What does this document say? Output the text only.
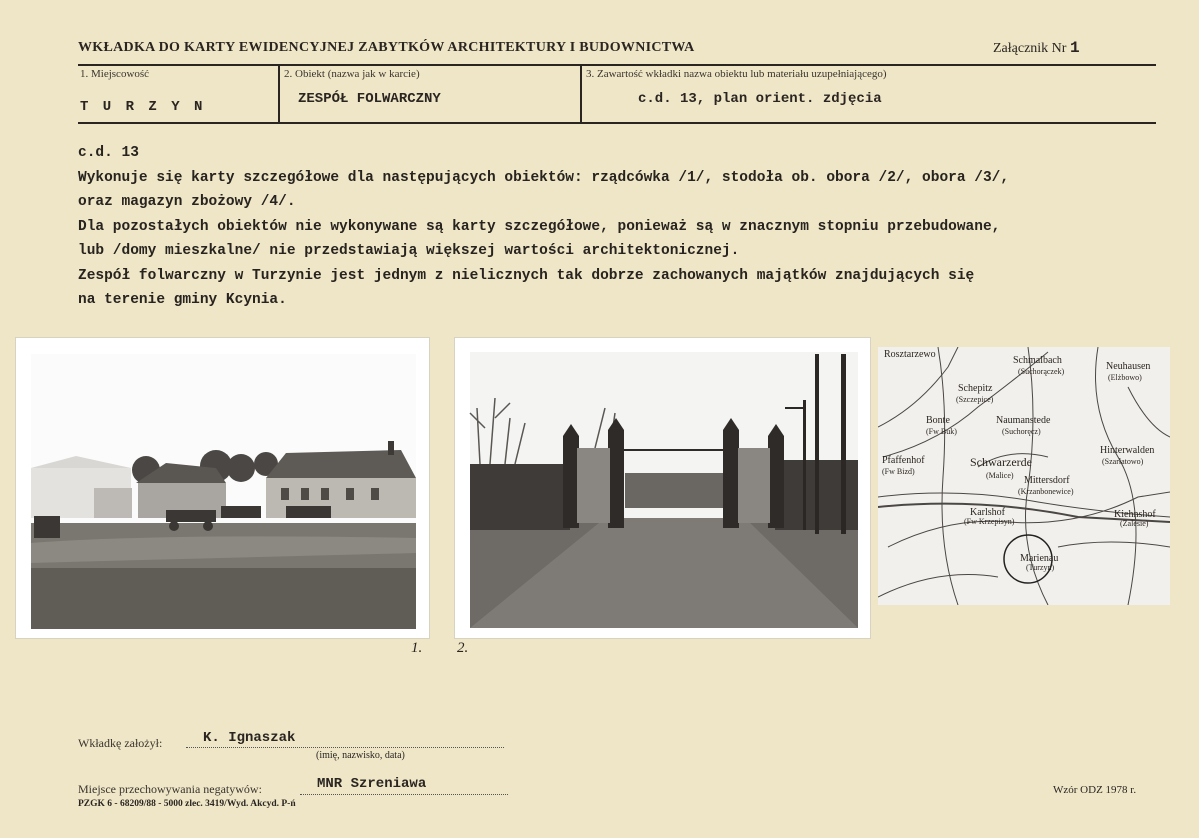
WKŁADKA DO KARTY EWIDENCYJNEJ ZABYTKÓW ARCHITEKTURY I BUDOWNICTWA	Załącznik Nr 1
1. Miejscowość
T U R Z Y N
2. Obiekt (nazwa jak w karcie)
ZESPÓŁ FOLWARCZNY
3. Zawartość wkładki nazwa obiektu lub materiału uzupełniającego)
c.d. 13, plan orient. zdjęcia
c.d. 13
Wykonuje się karty szczegółowe dla następujących obiektów: rządcówka /1/, stodoła ob. obora /2/, obora /3/,
oraz magazyn zbożowy /4/.
Dla pozostałych obiektów nie wykonywane są karty szczegółowe, ponieważ są w znacznym stopniu przebudowane,
lub /domy mieszkalne/ nie przedstawiają większej wartości architektonicznej.
Zespół folwarczny w Turzynie jest jednym z nielicznych tak dobrze zachowanych majątków znajdujących się
na terenie gminy Kcynia.
1. 2.
Rosztarzewo
Schmalbach
(Suchorączek)	Neuhausen
(Elżbowo)
Schepitz
(Szczepice)
Bonte
(Fw Buk)
Naumanstede
(Suchoręcz)
Hinterwalden
(Szarłatowo)
Pfaffenhof
(Fw Bizd)
Schwarzerde
(Malice) Mittersdorf
(Krzanbonewice)
Karlshof
(Fw Krzepisyn)
Kiehnshof
(Zalesie)
Marienau
(Turzyn)
Wkładkę założył:	K. Ignaszak
(imię, nazwisko, data)
Miejsce przechowywania negatywów:	MNR Szreniawa
PZGK 6 - 68209/88 - 5000 zlec. 3419/Wyd. Akcyd. P-ń
Wzór ODZ 1978 r.
